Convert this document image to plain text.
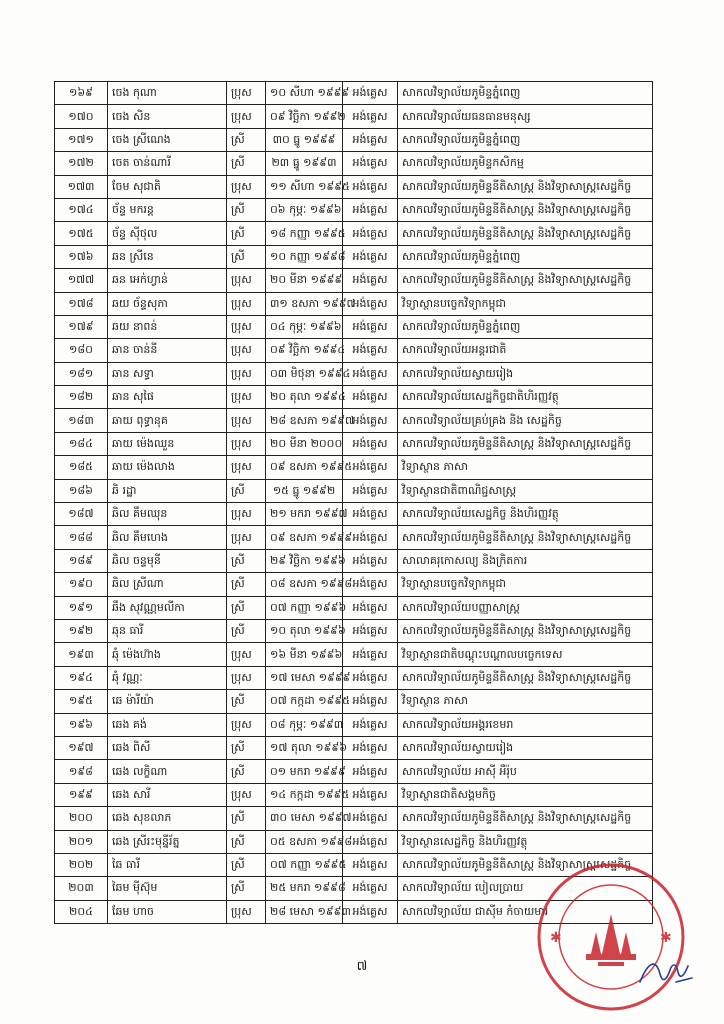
១៦៩	ចេង កុណា	ប្រុស	១០ សីហា ១៩៩៩	អង់គ្លេស	សាកលវិទ្យាល័យភូមិន្ទភ្នំពេញ
១៧០	ចេង សិន	ប្រុស	០៩ វិច្ឆិកា ១៩៩២	អង់គ្លេស	សាកលវិទ្យាល័យធនធានមនុស្ស
១៧១	ចេង ស្រីណេង	ស្រី	៣០ ធ្នូ ១៩៩៩	អង់គ្លេស	សាកលវិទ្យាល័យភូមិន្ទភ្នំពេញ
១៧២	ចេត ចាន់ណារី	ស្រី	២៣ ធ្នូ ១៩៩៣	អង់គ្លេស	សាកលវិទ្យាល័យភូមិន្ទកសិកម្ម
១៧៣	ចែម សុជាតិ	ប្រុស	១១ សីហា ១៩៩៥	អង់គ្លេស	សាកលវិទ្យាល័យភូមិន្ទនីតិសាស្ត្រ និងវិទ្យាសាស្ត្រសេដ្ឋកិច្ច
១៧៤	ច័ន្ទ មករន្ត	ស្រី	០៦ កុម្ភៈ ១៩៩៦	អង់គ្លេស	សាកលវិទ្យាល័យភូមិន្ទនីតិសាស្ត្រ និងវិទ្យាសាស្ត្រសេដ្ឋកិច្ច
១៧៥	ច័ន្ទ ស៊ីថុល	ស្រី	១៨ កញ្ញា ១៩៩៥	អង់គ្លេស	សាកលវិទ្យាល័យភូមិន្ទនីតិសាស្ត្រ និងវិទ្យាសាស្ត្រសេដ្ឋកិច្ច
១៧៦	ឆន ស្រីនេ	ស្រី	១០ កញ្ញា ១៩៩៨	អង់គ្លេស	សាកលវិទ្យាល័យភូមិន្ទភ្នំពេញ
១៧៧	ឆន អេក់ហ្វាន់	ប្រុស	២០ មីនា ១៩៩៩	អង់គ្លេស	សាកលវិទ្យាល័យភូមិន្ទនីតិសាស្ត្រ និងវិទ្យាសាស្ត្រសេដ្ឋកិច្ច
១៧៨	ឆយ ច័ន្ទសុភា	ប្រុស	៣១ ឧសភា ១៩៩៧	អង់គ្លេស	វិទ្យាស្ថានបច្ចេកវិទ្យាកម្ពុជា
១៧៩	ឆយ នាពន់	ប្រុស	០៤ កុម្ភៈ ១៩៩៦	អង់គ្លេស	សាកលវិទ្យាល័យភូមិន្ទភ្នំពេញ
១៨០	ឆាន ចាន់នី	ប្រុស	០៩ វិច្ឆិកា ១៩៩៤	អង់គ្លេស	សាកលវិទ្យាល័យអន្តរជាតិ
១៨១	ឆាន សទ្ធា	ប្រុស	០៣ មិថុនា ១៩៩៤	អង់គ្លេស	សាកលវិទ្យាល័យស្វាយរៀង
១៨២	ឆាន សុផៃ	ប្រុស	២០ តុលា ១៩៩៤	អង់គ្លេស	សាកលវិទ្យាល័យសេដ្ឋកិច្ចជាតិហិរញ្ញវត្ថុ
១៨៣	ឆាយ ពុទ្ធានុគ	ប្រុស	២៨ ឧសភា ១៩៩៧	អង់គ្លេស	សាកលវិទ្យាល័យគ្រប់គ្រង និង សេដ្ឋកិច្ច
១៨៤	ឆាយ ម៉េងឈួន	ប្រុស	២០ មីនា ២០០០	អង់គ្លេស	សាកលវិទ្យាល័យភូមិន្ទនីតិសាស្ត្រ និងវិទ្យាសាស្ត្រសេដ្ឋកិច្ច
១៨៥	ឆាយ ម៉េងលាង	ប្រុស	០៩ ឧសភា ១៩៩៥	អង់គ្លេស	វិទ្យាស្ថាន ភាសា
១៨៦	ឆិ រដ្ឋា	ស្រី	១៥ ធ្នូ ១៩៩២	អង់គ្លេស	វិទ្យាស្ថានជាតិពាណិជ្ជសាស្ត្រ
១៨៧	ឆិល គឹមឈុន	ប្រុស	២១ មករា ១៩៩៧	អង់គ្លេស	សាកលវិទ្យាល័យសេដ្ឋកិច្ច និងហិរញ្ញវត្ថុ
១៨៨	ឆិល គឹមហេង	ប្រុស	០៩ ឧសភា ១៩៩៩	អង់គ្លេស	សាកលវិទ្យាល័យភូមិន្ទនីតិសាស្ត្រ និងវិទ្យាសាស្ត្រសេដ្ឋកិច្ច
១៨៩	ឆិល ចន្ទមុនី	ស្រី	២៩ វិច្ឆិកា ១៩៩៦	អង់គ្លេស	សាលាគរុកោសល្យ និងក្រិតការ
១៩០	ឆិល ស្រីណា	ស្រី	០៨ ឧសភា ១៩៩៨	អង់គ្លេស	វិទ្យាស្ថានបច្ចេកវិទ្យាកម្ពុជា
១៩១	ឆឹង សុវណ្ណមលីកា	ស្រី	០៧ កញ្ញា ១៩៩៦	អង់គ្លេស	សាកលវិទ្យាល័យបញ្ញាសាស្ត្រ
១៩២	ឆុន ធារី	ស្រី	១០ តុលា ១៩៩៦	អង់គ្លេស	សាកលវិទ្យាល័យភូមិន្ទនីតិសាស្ត្រ និងវិទ្យាសាស្ត្រសេដ្ឋកិច្ច
១៩៣	ឆុំ ម៉េងហ៊ាង	ប្រុស	១៦ មីនា ១៩៩៦	អង់គ្លេស	វិទ្យាស្ថានជាតិបណ្តុះបណ្តាលបច្ចេកទេស
១៩៤	ឆុំ វណ្ណៈ	ប្រុស	១៧ មេសា ១៩៩៩	អង់គ្លេស	សាកលវិទ្យាល័យភូមិន្ទនីតិសាស្ត្រ និងវិទ្យាសាស្ត្រសេដ្ឋកិច្ច
១៩៥	ឆេ ម៉ារីយ៉ា	ស្រី	០៧ កក្កដា ១៩៩៥	អង់គ្លេស	វិទ្យាស្ថាន ភាសា
១៩៦	ឆេង គង់	ប្រុស	០៨ កុម្ភៈ ១៩៩៣	អង់គ្លេស	សាកលវិទ្យាល័យអង្គរខេមរា
១៩៧	ឆេង ពិសី	ស្រី	១៧ តុលា ១៩៩៦	អង់គ្លេស	សាកលវិទ្យាល័យស្វាយរៀង
១៩៨	ឆេង លក្ខិណា	ស្រី	០១ មករា ១៩៩៩	អង់គ្លេស	សាកលវិទ្យាល័យ អាស៊ី អឺរ៉ុប
១៩៩	ឆេង សារី	ប្រុស	១៤ កក្កដា ១៩៩៥	អង់គ្លេស	វិទ្យាស្ថានជាតិសង្គមកិច្ច
២០០	ឆេង សុខលាភ	ស្រី	៣០ មេសា ១៩៩៧	អង់គ្លេស	សាកលវិទ្យាល័យភូមិន្ទនីតិសាស្ត្រ និងវិទ្យាសាស្ត្រសេដ្ឋកិច្ច
២០១	ឆេង ស្រីរះមុន្នីរ័ត្ន	ស្រី	០៥ ឧសភា ១៩៩៨	អង់គ្លេស	វិទ្យាស្ថានសេដ្ឋកិច្ច និងហិរញ្ញវត្ថុ
២០២	ឆៃ ធារី	ស្រី	០៧ កញ្ញា ១៩៩៥	អង់គ្លេស	សាកលវិទ្យាល័យភូមិន្ទនីតិសាស្ត្រ និងវិទ្យាសាស្ត្រសេដ្ឋកិច្ច
២០៣	ឆៃម ម៉ីស៊ុម	ស្រី	២៥ មករា ១៩៩៨	អង់គ្លេស	សាកលវិទ្យាល័យ បៀលប្រាយ
២០៤	ឆែម ហាច	ប្រុស	២៨ មេសា ១៩៩៣	អង់គ្លេស	សាកលវិទ្យាល័យ ជាស៊ីម កំចាយមារ
៧
✱	✱
